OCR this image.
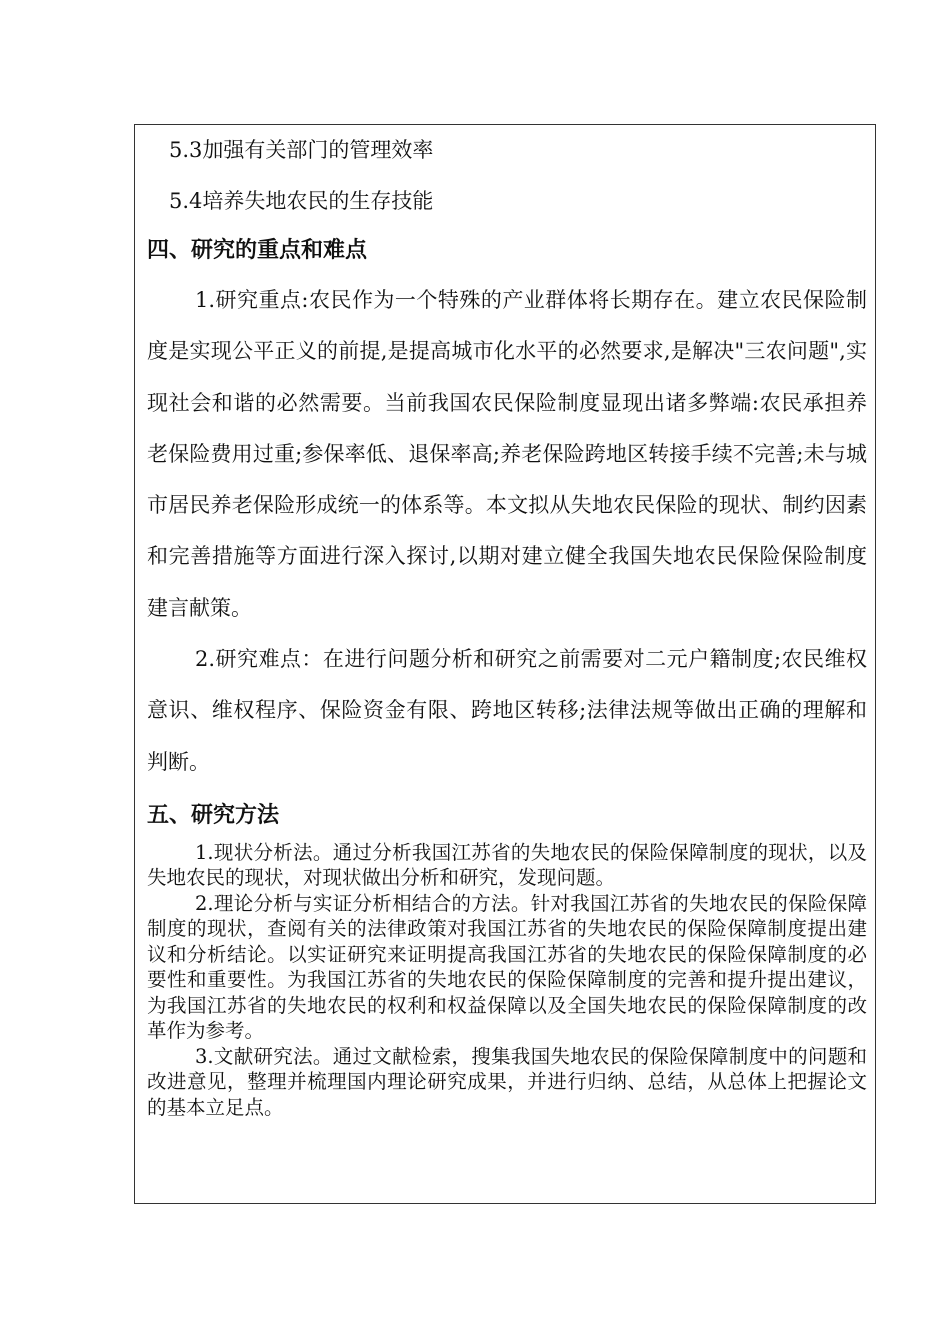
5.3加强有关部门的管理效率

5.4培养失地农民的生存技能

四、研究的重点和难点

1.研究重点:农民作为一个特殊的产业群体将长期存在。建立农民保险制度是实现公平正义的前提,是提高城市化水平的必然要求,是解决"三农问题",实现社会和谐的必然需要。当前我国农民保险制度显现出诸多弊端:农民承担养老保险费用过重;参保率低、退保率高;养老保险跨地区转接手续不完善;未与城市居民养老保险形成统一的体系等。本文拟从失地农民保险的现状、制约因素和完善措施等方面进行深入探讨,以期对建立健全我国失地农民保险保险制度建言献策。

2.研究难点：在进行问题分析和研究之前需要对二元户籍制度;农民维权意识、维权程序、保险资金有限、跨地区转移;法律法规等做出正确的理解和判断。

五、研究方法

1.现状分析法。通过分析我国江苏省的失地农民的保险保障制度的现状，以及失地农民的现状，对现状做出分析和研究，发现问题。

2.理论分析与实证分析相结合的方法。针对我国江苏省的失地农民的保险保障制度的现状，查阅有关的法律政策对我国江苏省的失地农民的保险保障制度提出建议和分析结论。以实证研究来证明提高我国江苏省的失地农民的保险保障制度的必要性和重要性。为我国江苏省的失地农民的保险保障制度的完善和提升提出建议，为我国江苏省的失地农民的权利和权益保障以及全国失地农民的保险保障制度的改革作为参考。

3.文献研究法。通过文献检索，搜集我国失地农民的保险保障制度中的问题和改进意见，整理并梳理国内理论研究成果，并进行归纳、总结，从总体上把握论文的基本立足点。
